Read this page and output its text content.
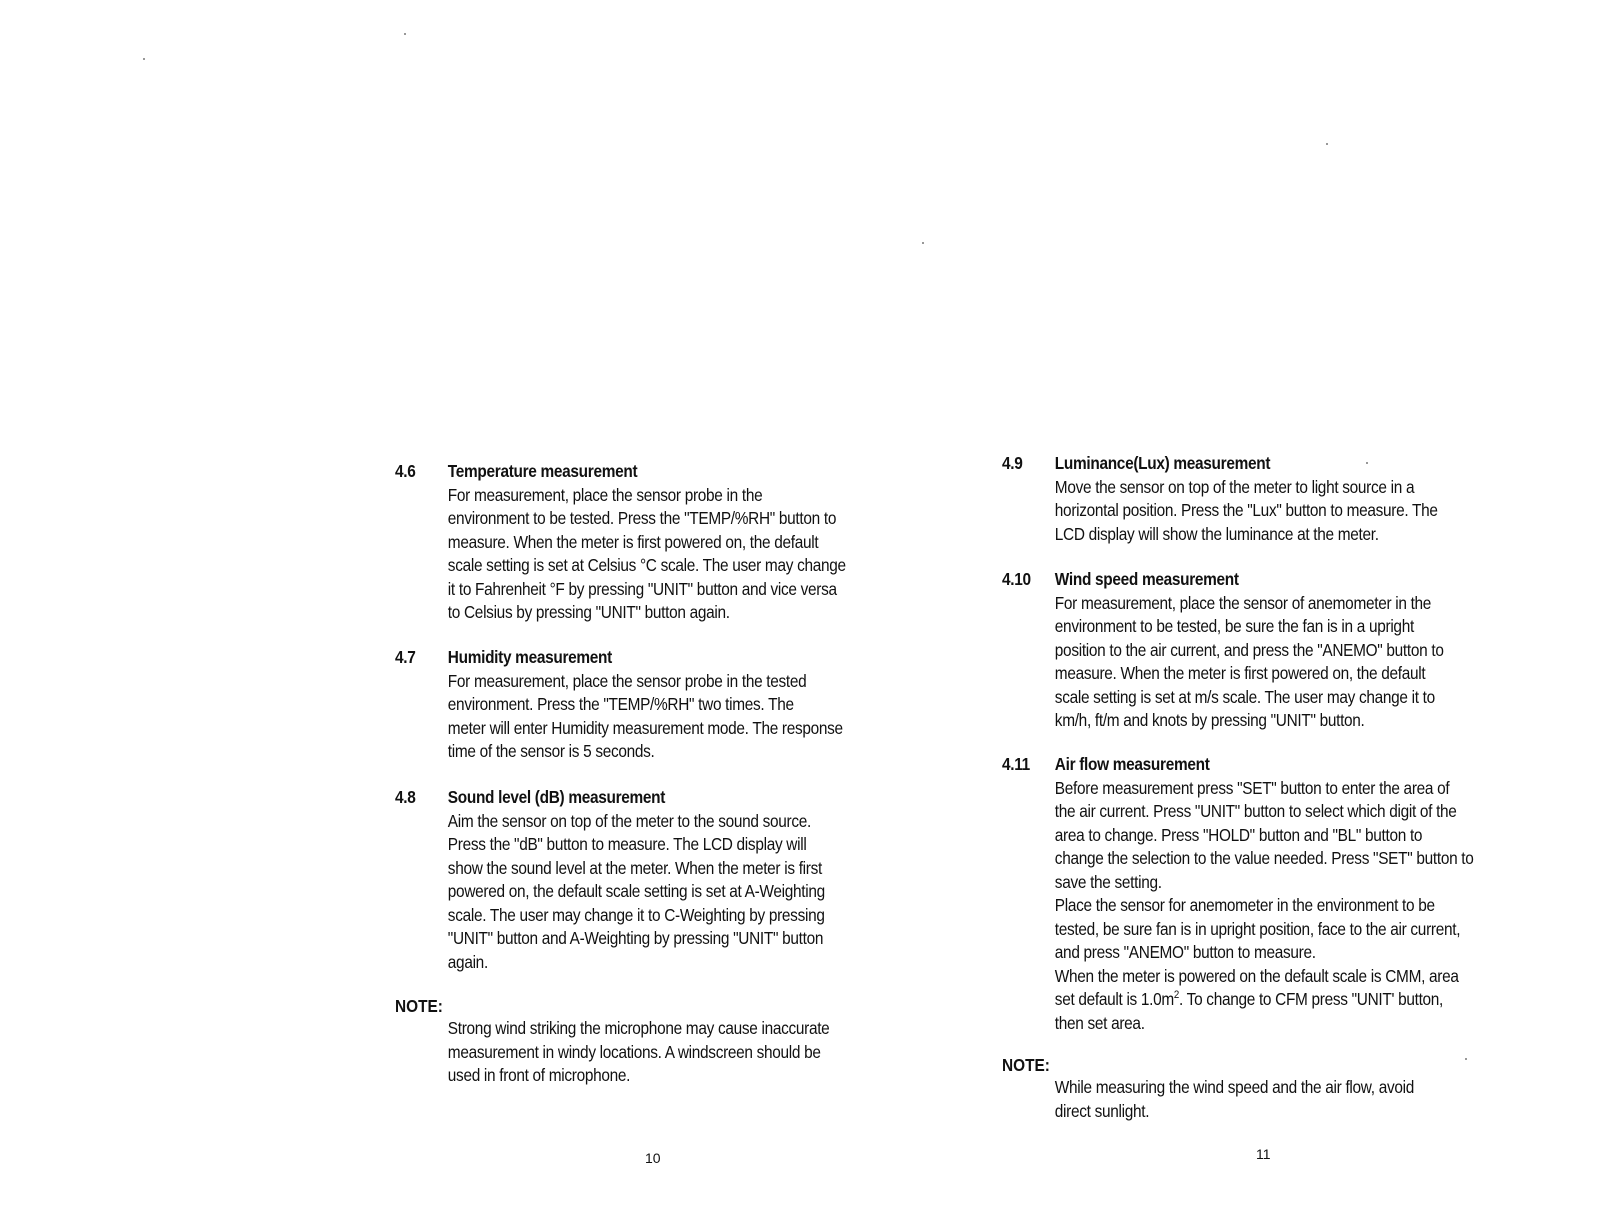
4.6 Temperature measurement
For measurement, place the sensor probe in the
environment to be tested. Press the "TEMP/%RH" button to
measure. When the meter is first powered on, the default
scale setting is set at Celsius °C scale. The user may change
it to Fahrenheit °F by pressing "UNIT" button and vice versa
to Celsius by pressing "UNIT" button again.
4.7 Humidity measurement
For measurement, place the sensor probe in the tested
environment. Press the "TEMP/%RH" two times. The
meter will enter Humidity measurement mode. The response
time of the sensor is 5 seconds.
4.8 Sound level (dB) measurement
Aim the sensor on top of the meter to the sound source.
Press the "dB" button to measure. The LCD display will
show the sound level at the meter. When the meter is first
powered on, the default scale setting is set at A-Weighting
scale. The user may change it to C-Weighting by pressing
"UNIT" button and A-Weighting by pressing "UNIT" button
again.
NOTE:
Strong wind striking the microphone may cause inaccurate
measurement in windy locations. A windscreen should be
used in front of microphone.
10
4.9 Luminance(Lux) measurement
Move the sensor on top of the meter to light source in a
horizontal position. Press the "Lux" button to measure. The
LCD display will show the luminance at the meter.
4.10 Wind speed measurement
For measurement, place the sensor of anemometer in the
environment to be tested, be sure the fan is in a upright
position to the air current, and press the "ANEMO" button to
measure. When the meter is first powered on, the default
scale setting is set at m/s scale. The user may change it to
km/h, ft/m and knots by pressing "UNIT" button.
4.11 Air flow measurement
Before measurement press "SET" button to enter the area of
the air current. Press "UNIT" button to select which digit of the
area to change. Press "HOLD" button and "BL" button to
change the selection to the value needed. Press "SET" button to
save the setting.
Place the sensor for anemometer in the environment to be
tested, be sure fan is in upright position, face to the air current,
and press "ANEMO" button to measure.
When the meter is powered on the default scale is CMM, area
set default is $1.0m^2$. To change to CFM press "UNIT' button,
then set area.
NOTE:
While measuring the wind speed and the air flow, avoid
direct sunlight.
11
